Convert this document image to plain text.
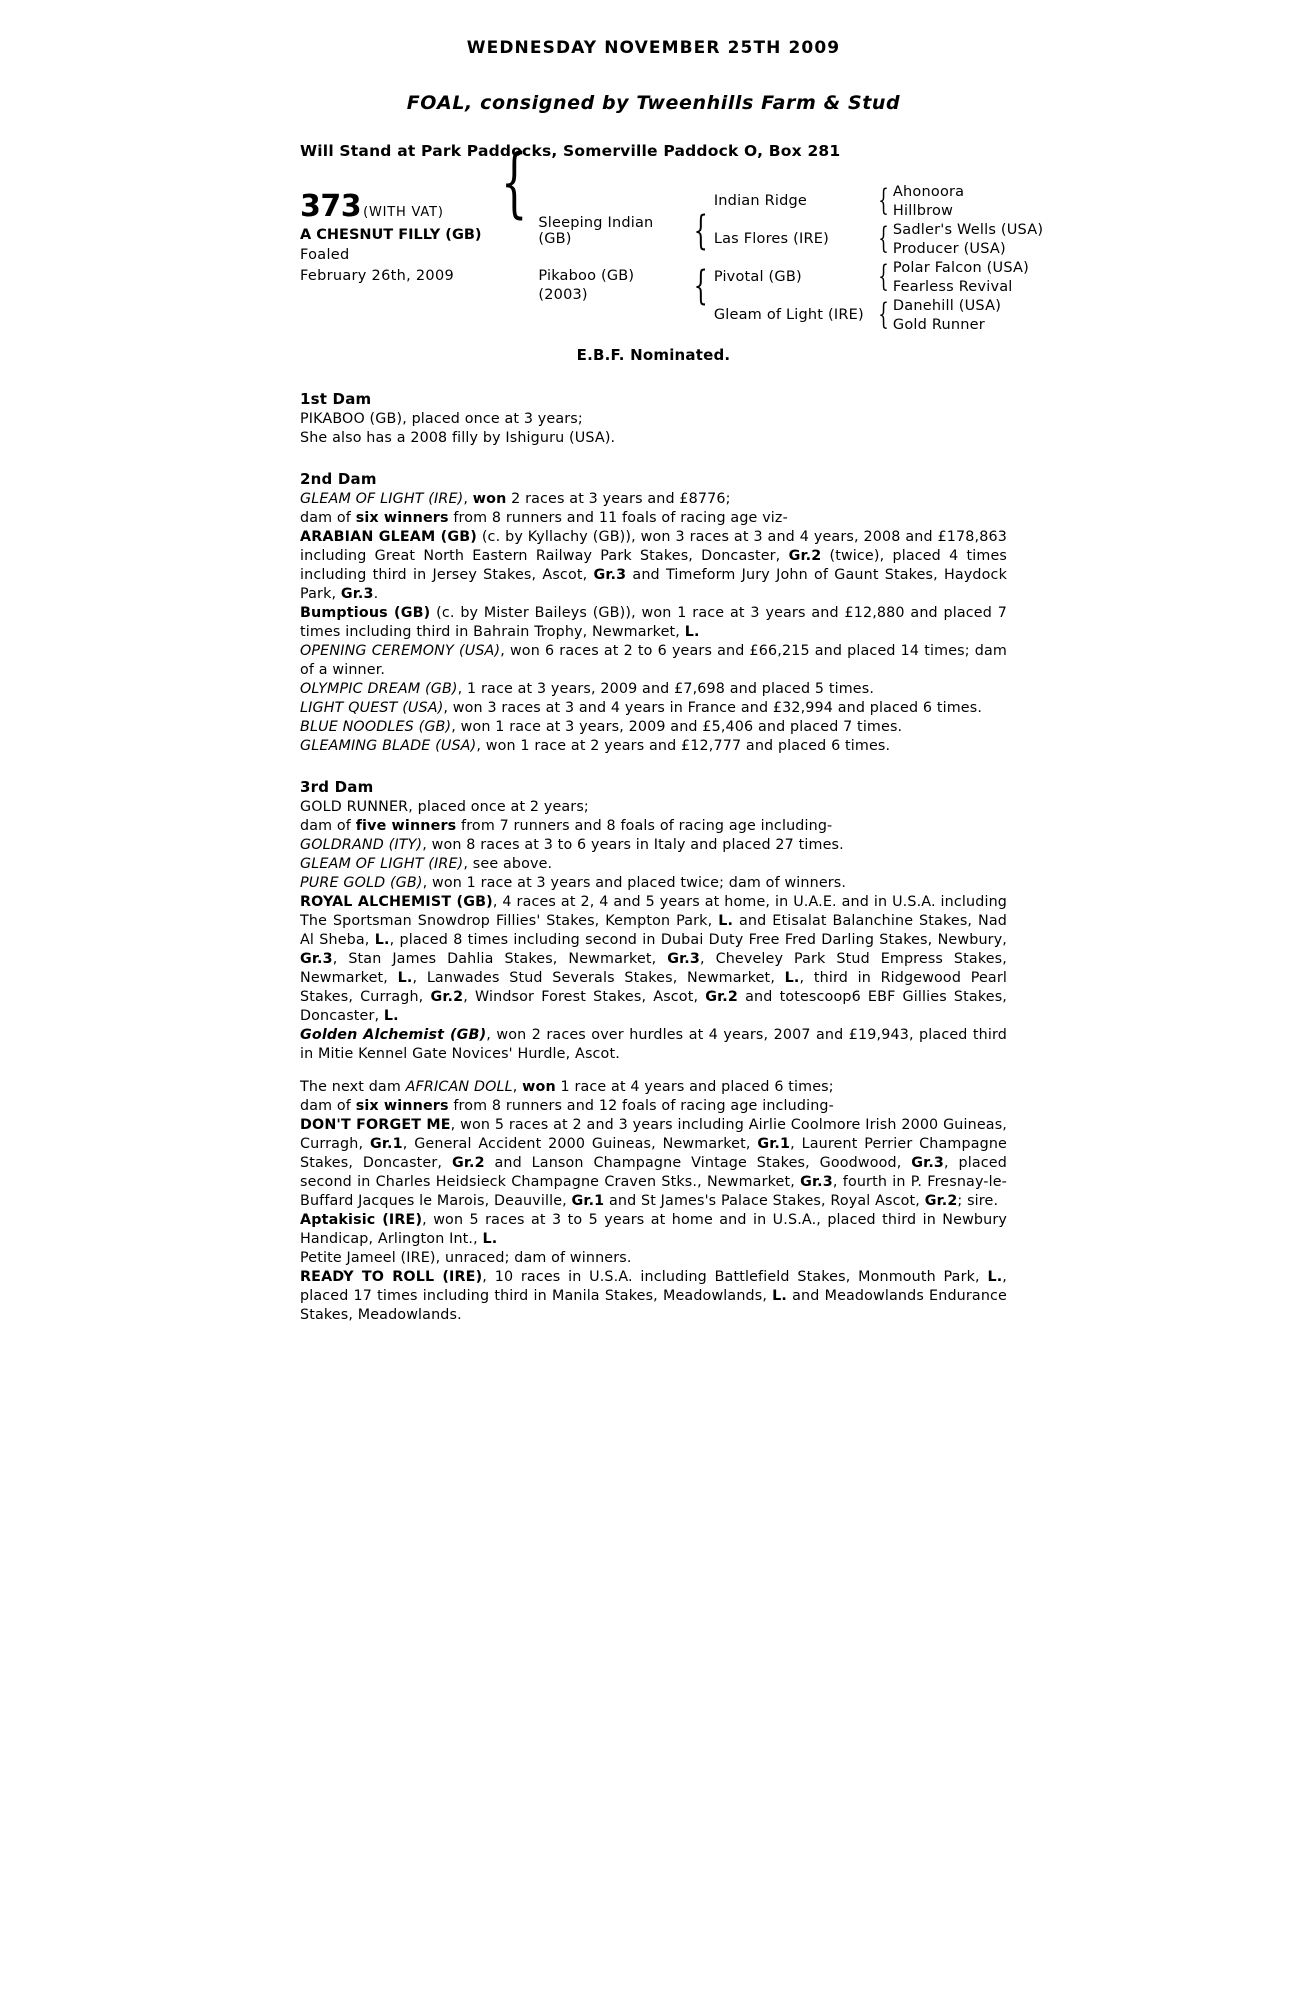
WEDNESDAY NOVEMBER 25TH 2009
FOAL, consigned by Tweenhills Farm & Stud
Will Stand at Park Paddocks, Somerville Paddock O, Box 281
373 (WITH VAT)
A CHESNUT FILLY (GB)
Foaled
February 26th, 2009
{ Sleeping Indian (GB)
Pikaboo (GB)
(2003)
{
{
Indian Ridge
Las Flores (IRE)
Pivotal (GB)
Gleam of Light (IRE)
{
{
{
{
Ahonoora
Hillbrow
Sadler's Wells (USA)
Producer (USA)
Polar Falcon (USA)
Fearless Revival
Danehill (USA)
Gold Runner
E.B.F. Nominated.
1st Dam

PIKABOO (GB), placed once at 3 years;

She also has a 2008 filly by Ishiguru (USA).

2nd Dam

GLEAM OF LIGHT (IRE), won 2 races at 3 years and £8776;

dam of six winners from 8 runners and 11 foals of racing age viz-

ARABIAN GLEAM (GB) (c. by Kyllachy (GB)), won 3 races at 3 and 4 years, 2008 and £178,863 including Great North Eastern Railway Park Stakes, Doncaster, Gr.2 (twice), placed 4 times including third in Jersey Stakes, Ascot, Gr.3 and Timeform Jury John of Gaunt Stakes, Haydock Park, Gr.3.

Bumptious (GB) (c. by Mister Baileys (GB)), won 1 race at 3 years and £12,880 and placed 7 times including third in Bahrain Trophy, Newmarket, L.

OPENING CEREMONY (USA), won 6 races at 2 to 6 years and £66,215 and placed 14 times; dam of a winner.

OLYMPIC DREAM (GB), 1 race at 3 years, 2009 and £7,698 and placed 5 times.

LIGHT QUEST (USA), won 3 races at 3 and 4 years in France and £32,994 and placed 6 times.

BLUE NOODLES (GB), won 1 race at 3 years, 2009 and £5,406 and placed 7 times.

GLEAMING BLADE (USA), won 1 race at 2 years and £12,777 and placed 6 times.

3rd Dam

GOLD RUNNER, placed once at 2 years;

dam of five winners from 7 runners and 8 foals of racing age including-

GOLDRAND (ITY), won 8 races at 3 to 6 years in Italy and placed 27 times.

GLEAM OF LIGHT (IRE), see above.

PURE GOLD (GB), won 1 race at 3 years and placed twice; dam of winners.

ROYAL ALCHEMIST (GB), 4 races at 2, 4 and 5 years at home, in U.A.E. and in U.S.A. including The Sportsman Snowdrop Fillies' Stakes, Kempton Park, L. and Etisalat Balanchine Stakes, Nad Al Sheba, L., placed 8 times including second in Dubai Duty Free Fred Darling Stakes, Newbury, Gr.3, Stan James Dahlia Stakes, Newmarket, Gr.3, Cheveley Park Stud Empress Stakes, Newmarket, L., Lanwades Stud Severals Stakes, Newmarket, L., third in Ridgewood Pearl Stakes, Curragh, Gr.2, Windsor Forest Stakes, Ascot, Gr.2 and totescoop6 EBF Gillies Stakes, Doncaster, L.

Golden Alchemist (GB), won 2 races over hurdles at 4 years, 2007 and £19,943, placed third in Mitie Kennel Gate Novices' Hurdle, Ascot.

The next dam AFRICAN DOLL, won 1 race at 4 years and placed 6 times;

dam of six winners from 8 runners and 12 foals of racing age including-

DON'T FORGET ME, won 5 races at 2 and 3 years including Airlie Coolmore Irish 2000 Guineas, Curragh, Gr.1, General Accident 2000 Guineas, Newmarket, Gr.1, Laurent Perrier Champagne Stakes, Doncaster, Gr.2 and Lanson Champagne Vintage Stakes, Goodwood, Gr.3, placed second in Charles Heidsieck Champagne Craven Stks., Newmarket, Gr.3, fourth in P. Fresnay-le-Buffard Jacques le Marois, Deauville, Gr.1 and St James's Palace Stakes, Royal Ascot, Gr.2; sire.

Aptakisic (IRE), won 5 races at 3 to 5 years at home and in U.S.A., placed third in Newbury Handicap, Arlington Int., L.

Petite Jameel (IRE), unraced; dam of winners.

READY TO ROLL (IRE), 10 races in U.S.A. including Battlefield Stakes, Monmouth Park, L., placed 17 times including third in Manila Stakes, Meadowlands, L. and Meadowlands Endurance Stakes, Meadowlands.
